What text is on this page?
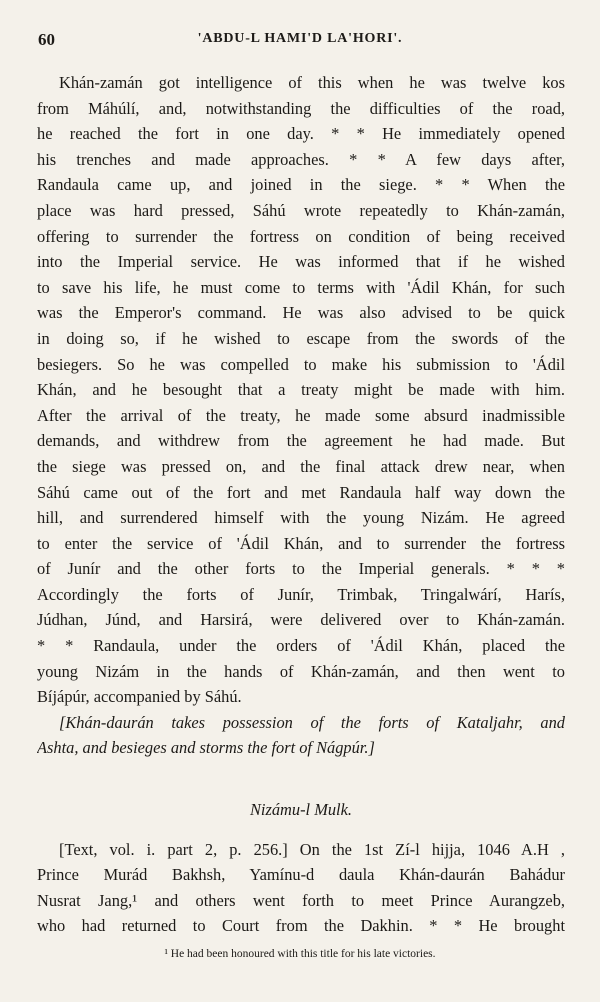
60	'ABDU-L HAMI'D LA'HORI'.
Khán-zamán got intelligence of this when he was twelve kos
from Máhúlí, and, notwithstanding the difficulties of the road,
he reached the fort in one day. * * He immediately opened
his trenches and made approaches. * * A few days after,
Randaula came up, and joined in the siege. * * When the
place was hard pressed, Sáhú wrote repeatedly to Khán-zamán,
offering to surrender the fortress on condition of being received
into the Imperial service. He was informed that if he wished
to save his life, he must come to terms with 'Ádil Khán, for such
was the Emperor's command. He was also advised to be quick
in doing so, if he wished to escape from the swords of the
besiegers. So he was compelled to make his submission to 'Ádil
Khán, and he besought that a treaty might be made with him.
After the arrival of the treaty, he made some absurd inadmissible
demands, and withdrew from the agreement he had made. But
the siege was pressed on, and the final attack drew near, when
Sáhú came out of the fort and met Randaula half way down the
hill, and surrendered himself with the young Nizám. He agreed
to enter the service of 'Ádil Khán, and to surrender the fortress
of Junír and the other forts to the Imperial generals. * * *
Accordingly the forts of Junír, Trimbak, Tringalwárí, Harís,
Júdhan, Júnd, and Harsirá, were delivered over to Khán-zamán.
* * Randaula, under the orders of 'Ádil Khán, placed the
young Nizám in the hands of Khán-zamán, and then went to
Bíjápúr, accompanied by Sáhú.
[Khán-daurán takes possession of the forts of Kataljahr, and
Ashta, and besieges and storms the fort of Nágpúr.]
Nizámu-l Mulk.
[Text, vol. i. part 2, p. 256.] On the 1st Zí-l hijja, 1046 A.H ,
Prince Murád Bakhsh, Yamínu-d daula Khán-daurán Bahádur
Nusrat Jang,¹ and others went forth to meet Prince Aurangzeb,
who had returned to Court from the Dakhin. * * He brought
¹ He had been honoured with this title for his late victories.
